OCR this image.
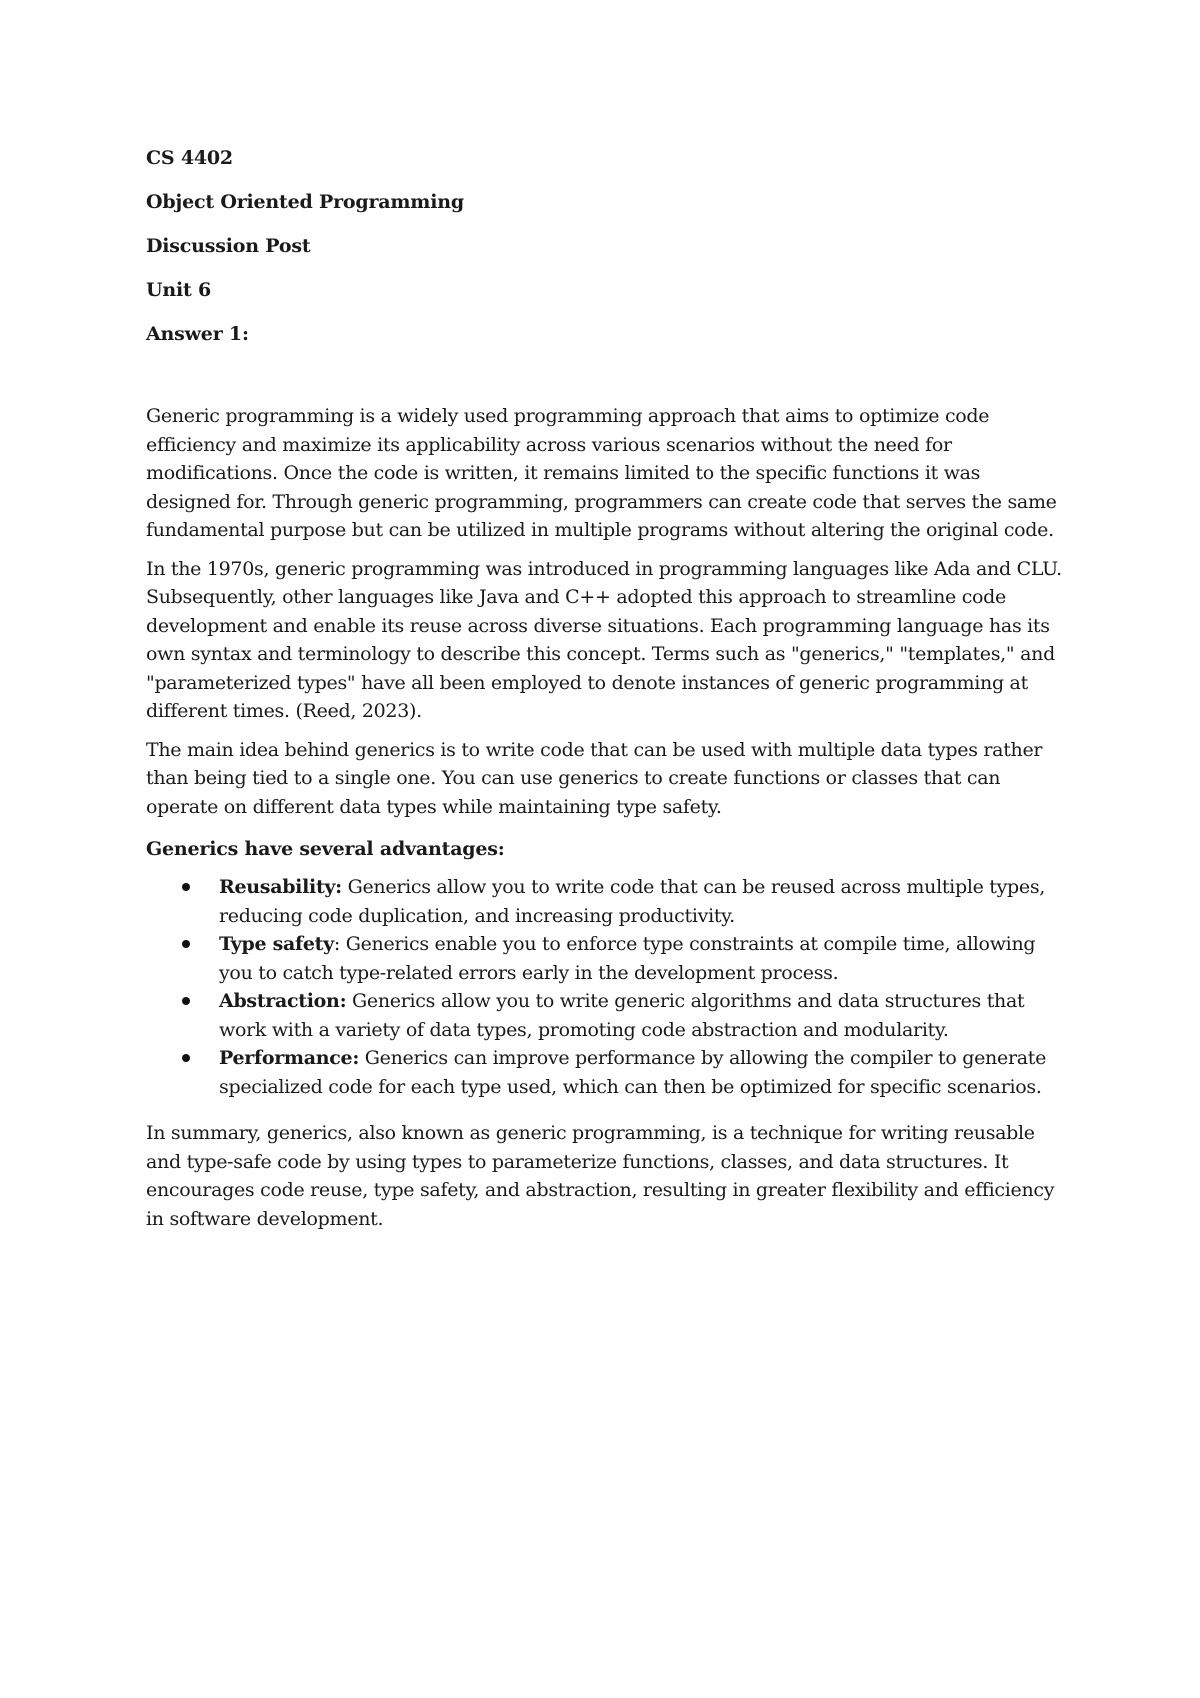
CS 4402
Object Oriented Programming
Discussion Post
Unit 6
Answer 1:

Generic programming is a widely used programming approach that aims to optimize code efficiency and maximize its applicability across various scenarios without the need for modifications. Once the code is written, it remains limited to the specific functions it was designed for. Through generic programming, programmers can create code that serves the same fundamental purpose but can be utilized in multiple programs without altering the original code.

In the 1970s, generic programming was introduced in programming languages like Ada and CLU. Subsequently, other languages like Java and C++ adopted this approach to streamline code development and enable its reuse across diverse situations. Each programming language has its own syntax and terminology to describe this concept. Terms such as "generics," "templates," and "parameterized types" have all been employed to denote instances of generic programming at different times. (Reed, 2023).

The main idea behind generics is to write code that can be used with multiple data types rather than being tied to a single one. You can use generics to create functions or classes that can operate on different data types while maintaining type safety.

Generics have several advantages:
Reusability: Generics allow you to write code that can be reused across multiple types, reducing code duplication, and increasing productivity.
Type safety: Generics enable you to enforce type constraints at compile time, allowing you to catch type-related errors early in the development process.
Abstraction: Generics allow you to write generic algorithms and data structures that work with a variety of data types, promoting code abstraction and modularity.
Performance: Generics can improve performance by allowing the compiler to generate specialized code for each type used, which can then be optimized for specific scenarios.

In summary, generics, also known as generic programming, is a technique for writing reusable and type-safe code by using types to parameterize functions, classes, and data structures. It encourages code reuse, type safety, and abstraction, resulting in greater flexibility and efficiency in software development.
